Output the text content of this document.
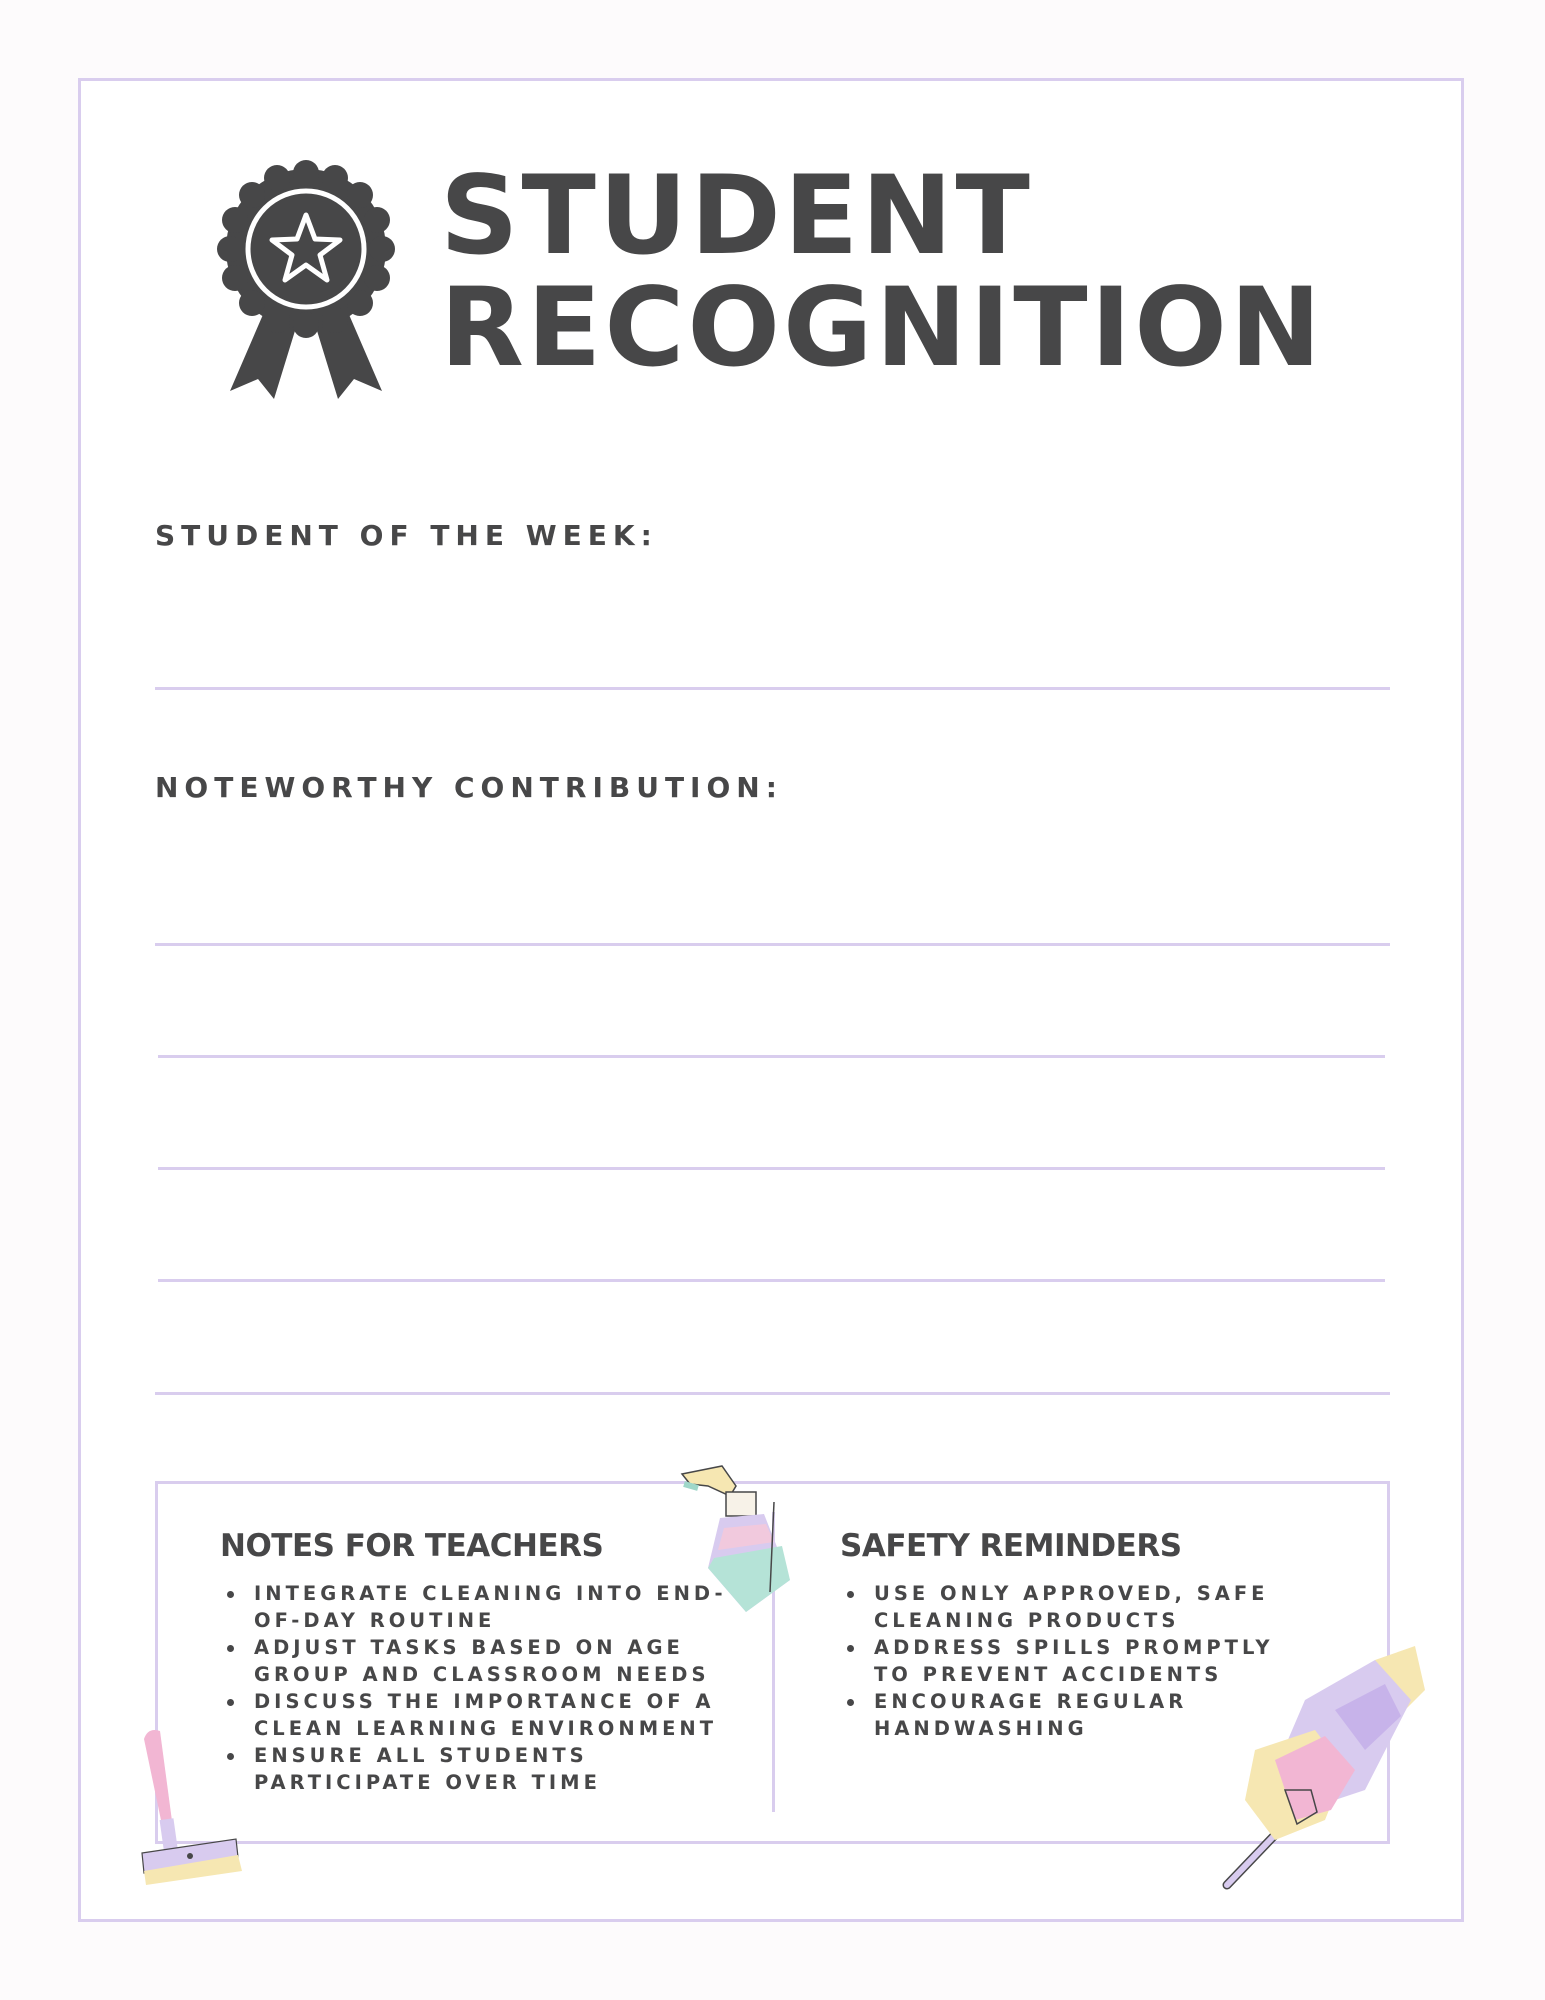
STUDENT
RECOGNITION

STUDENT OF THE WEEK:

NOTEWORTHY CONTRIBUTION:

NOTES FOR TEACHERS
INTEGRATE CLEANING INTO END-OF-DAY ROUTINE
ADJUST TASKS BASED ON AGE GROUP AND CLASSROOM NEEDS
DISCUSS THE IMPORTANCE OF A CLEAN LEARNING ENVIRONMENT
ENSURE ALL STUDENTS PARTICIPATE OVER TIME
SAFETY REMINDERS
USE ONLY APPROVED, SAFE CLEANING PRODUCTS
ADDRESS SPILLS PROMPTLY TO PREVENT ACCIDENTS
ENCOURAGE REGULAR HANDWASHING
